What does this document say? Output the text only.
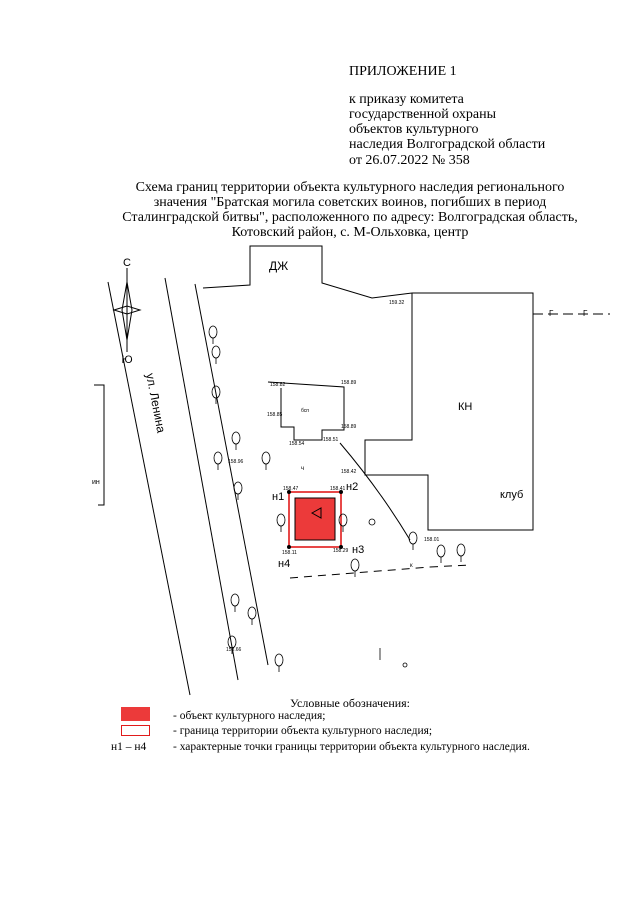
ПРИЛОЖЕНИЕ 1
к приказу комитета
государственной охраны
объектов культурного
наследия Волгоградской области
от 26.07.2022 № 358
Схема границ территории объекта культурного наследия регионального
значения "Братская могила советских воинов, погибших в период
Сталинградской битвы", расположенного по адресу: Волгоградская область,
Котовский район, с. М-Ольховка, центр
С
Ю
ул. Ленина
ин
ДЖ
КН
клуб
Г	Г
бсп
ч
к
н1
н2
н3
н4
159.32
158.82	158.89
158.85
158.89
158.54
158.51
158.96
158.42
158.47	158.41
158.01
158.11	158.29
158.66
Условные обозначения:
- объект культурного наследия;
- граница территории объекта культурного наследия;
н1 – н4 - характерные точки границы территории объекта культурного наследия.
